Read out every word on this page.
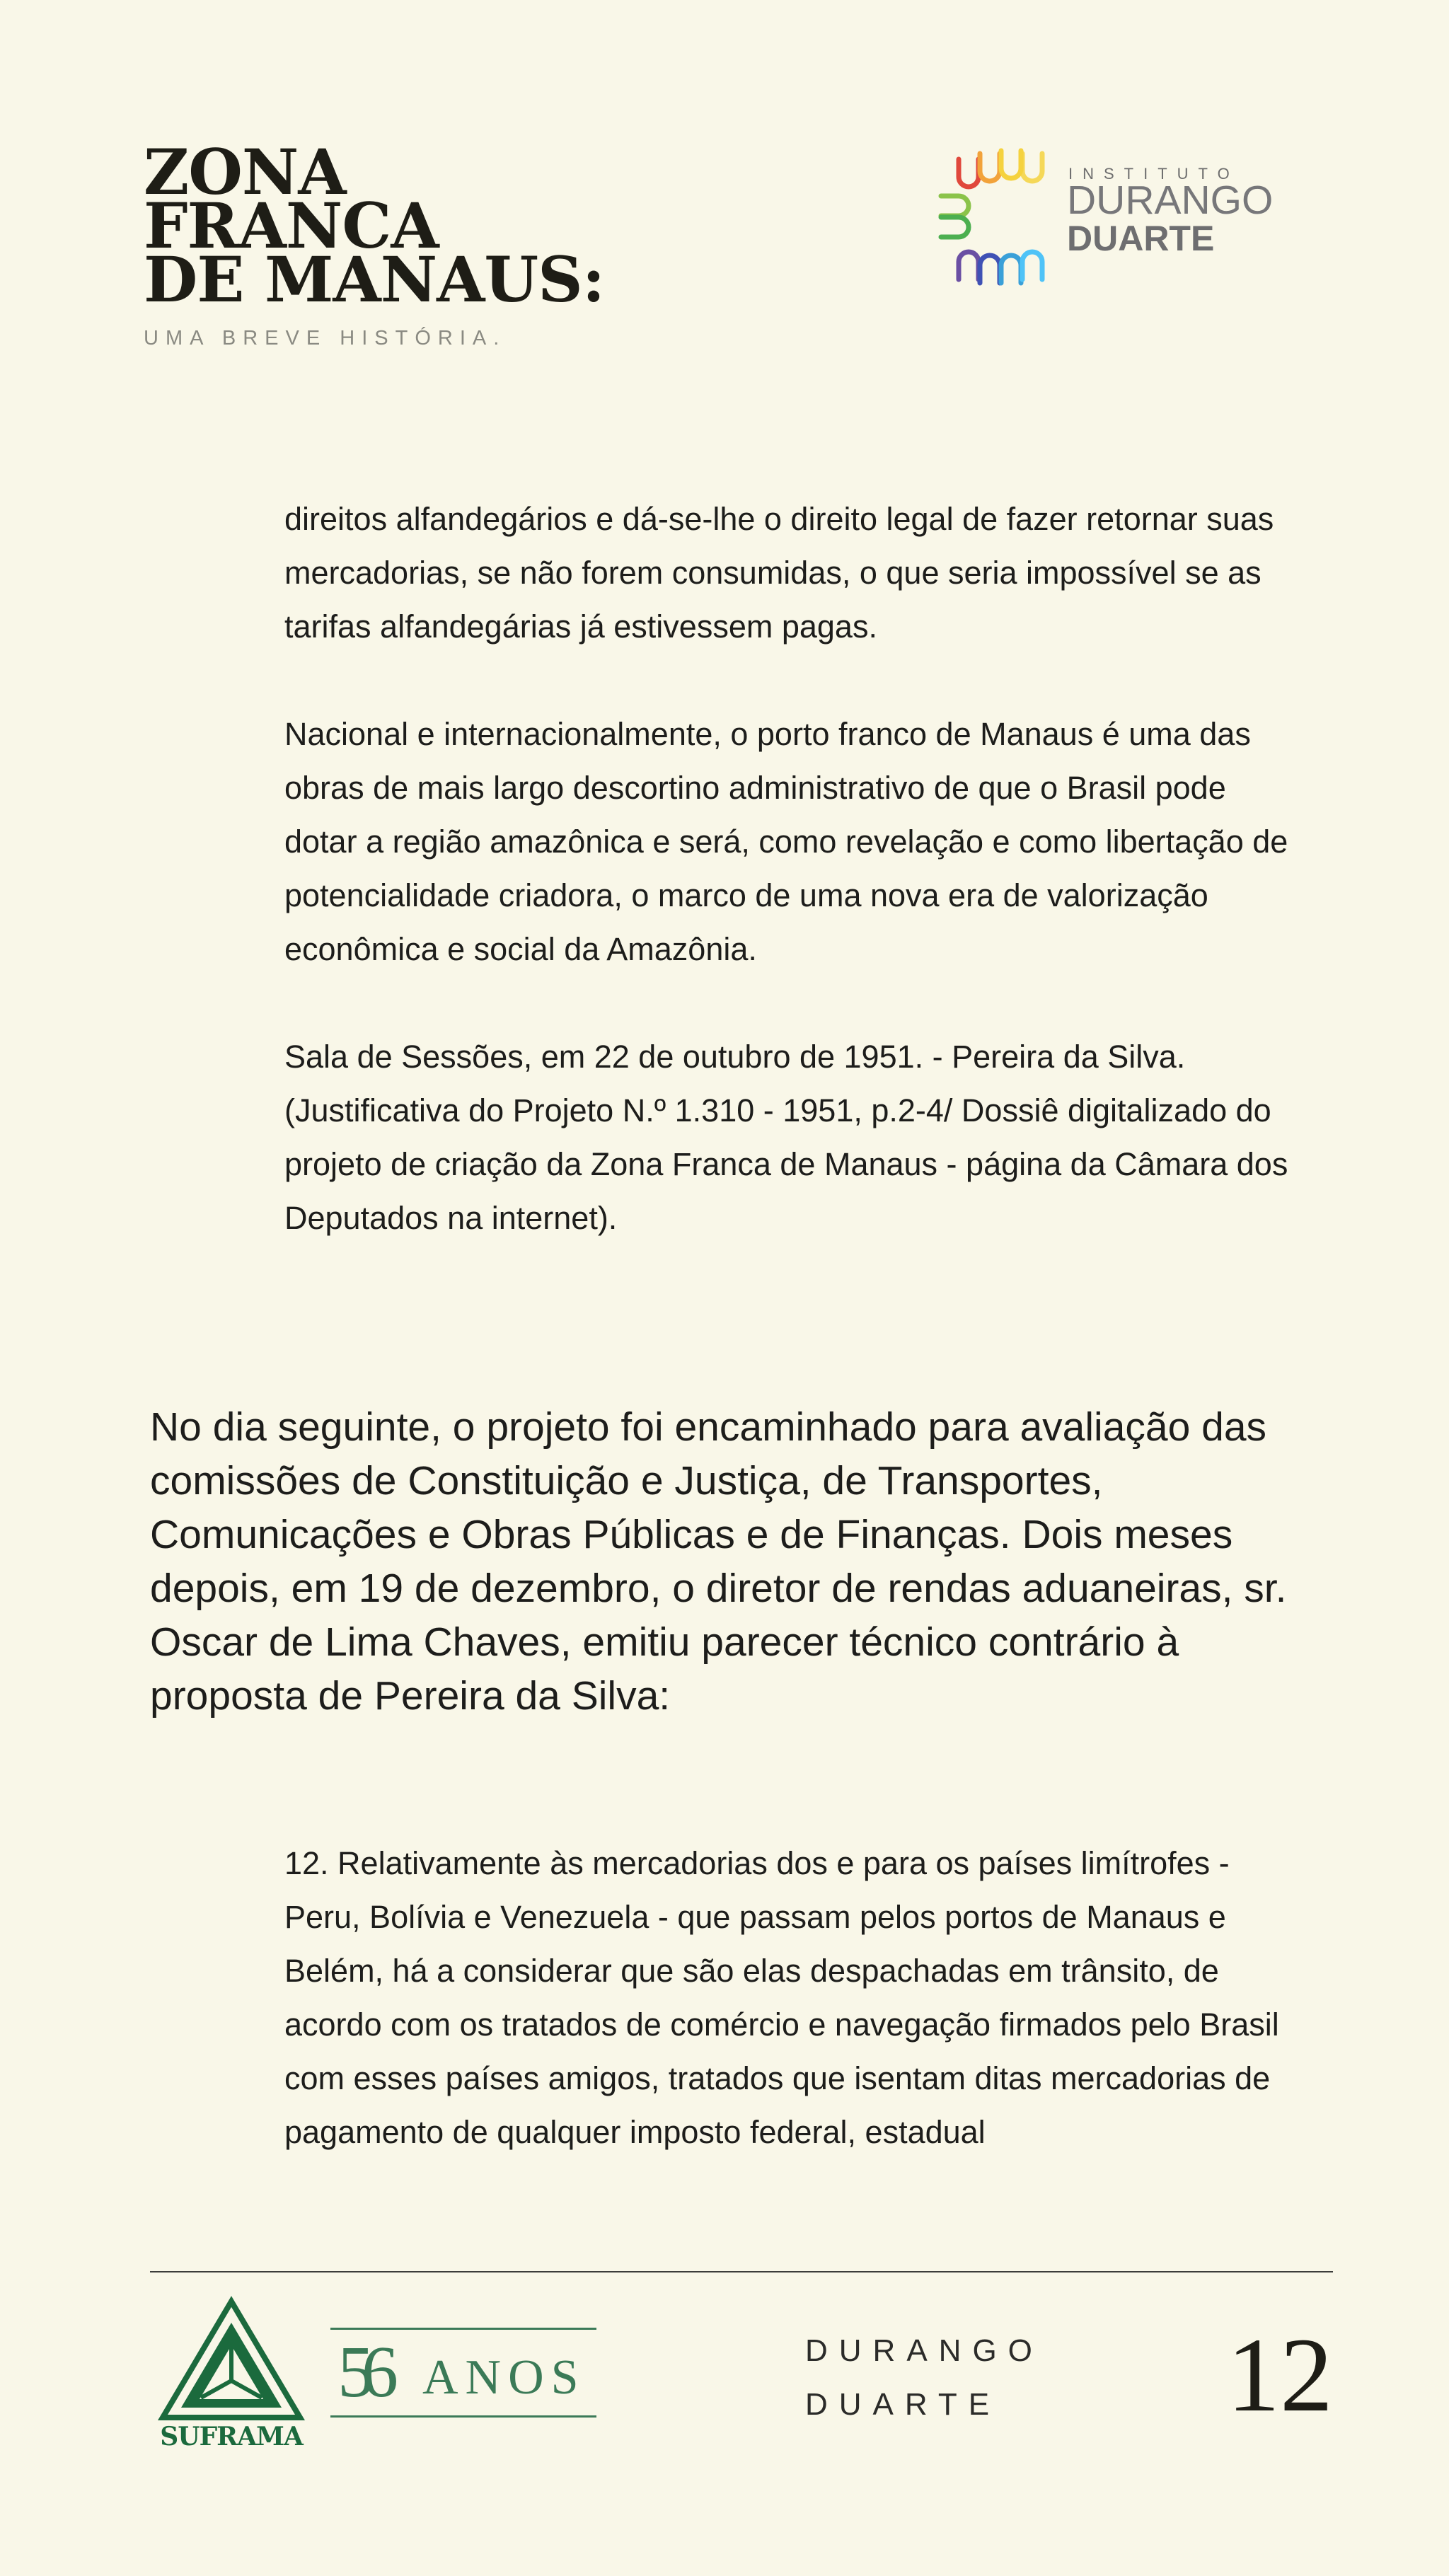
ZONA
FRANCA
DE MANAUS:
UMA BREVE HISTÓRIA.
INSTITUTO
DURANGO
DUARTE

direitos alfandegários e dá-se-lhe o direito legal de fazer retornar suas mercadorias, se não forem consumidas, o que seria impossível se as tarifas alfandegárias já estivessem pagas.

Nacional e internacionalmente, o porto franco de Manaus é uma das obras de mais largo descortino administrativo de que o Brasil pode dotar a região amazônica e será, como revelação e como libertação de potencialidade criadora, o marco de uma nova era de valorização econômica e social da Amazônia.

Sala de Sessões, em 22 de outubro de 1951. - Pereira da Silva. (Justificativa do Projeto N.º 1.310 - 1951, p.2-4/ Dossiê digitalizado do projeto de criação da Zona Franca de Manaus - página da Câmara dos Deputados na internet).

No dia seguinte, o projeto foi encaminhado para avaliação das comissões de Constituição e Justiça, de Transportes, Comunicações e Obras Públicas e de Finanças. Dois meses depois, em 19 de dezembro, o diretor de rendas aduaneiras, sr. Oscar de Lima Chaves, emitiu parecer técnico contrário à proposta de Pereira da Silva:

12. Relativamente às mercadorias dos e para os países limítrofes - Peru, Bolívia e Venezuela - que passam pelos portos de Manaus e Belém, há a considerar que são elas despachadas em trânsito, de acordo com os tratados de comércio e navegação firmados pelo Brasil com esses países amigos, tratados que isentam ditas mercadorias de pagamento de qualquer imposto federal, estadual

SUFRAMA
56 ANOS	DURANGO
DUARTE	12
